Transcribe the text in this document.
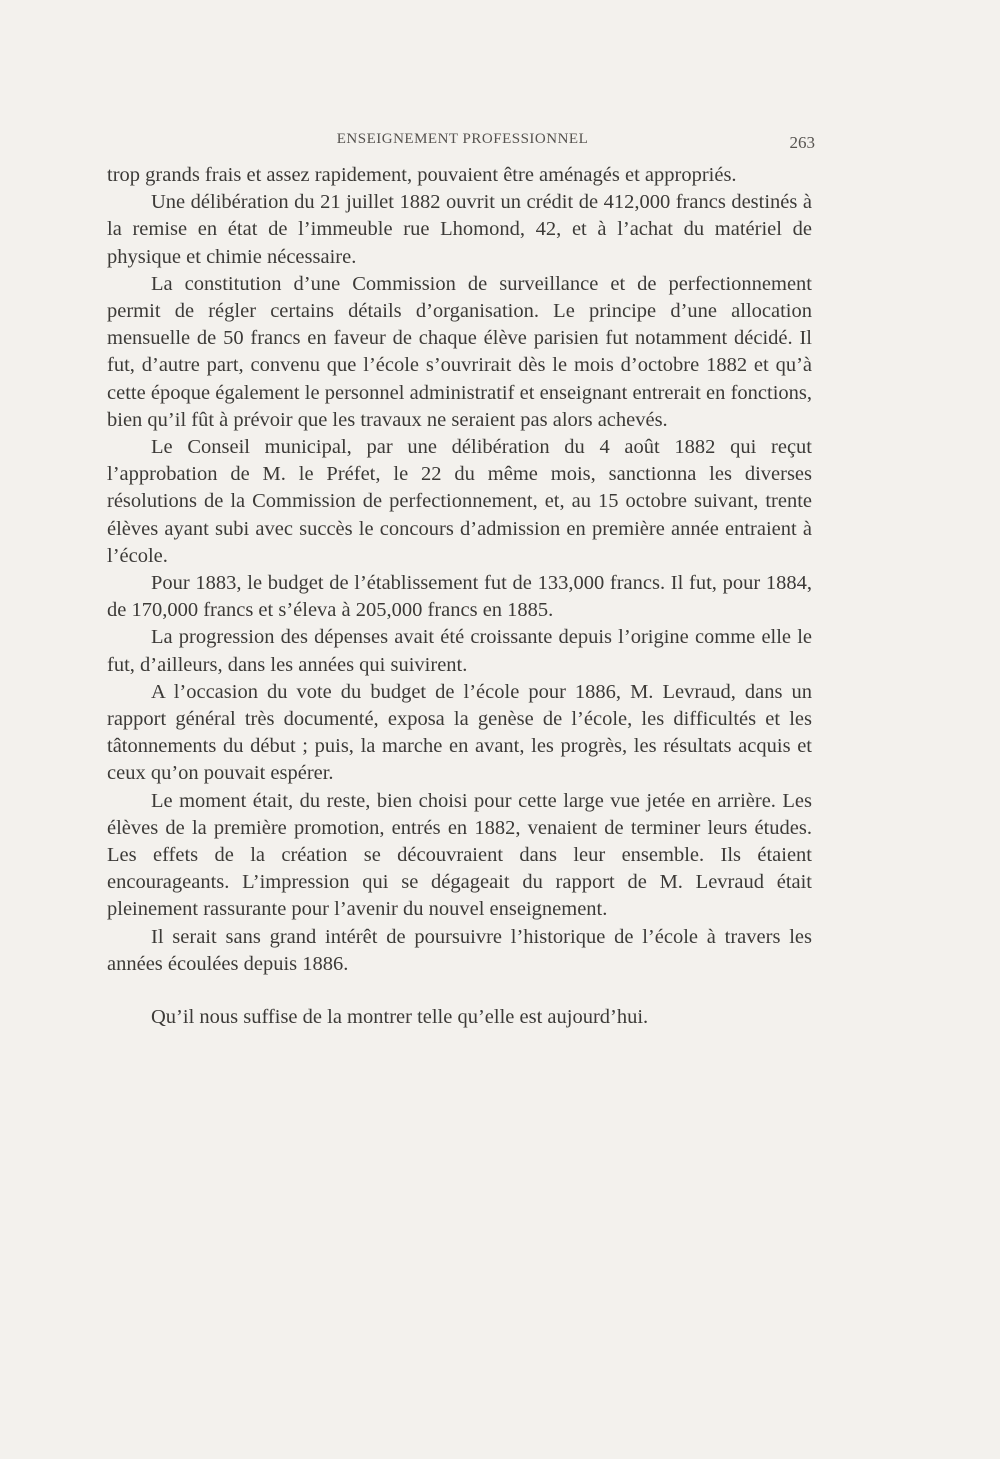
ENSEIGNEMENT PROFESSIONNEL	263

trop grands frais et assez rapidement, pouvaient être aménagés et appropriés.

Une délibération du 21 juillet 1882 ouvrit un crédit de 412,000 francs destinés à la remise en état de l’immeuble rue Lhomond, 42, et à l’achat du matériel de physique et chimie nécessaire.

La constitution d’une Commission de surveillance et de perfectionnement permit de régler certains détails d’organisation. Le principe d’une allocation mensuelle de 50 francs en faveur de chaque élève parisien fut notamment décidé. Il fut, d’autre part, convenu que l’école s’ouvrirait dès le mois d’octobre 1882 et qu’à cette époque également le personnel administratif et enseignant entrerait en fonctions, bien qu’il fût à prévoir que les travaux ne seraient pas alors achevés.

Le Conseil municipal, par une délibération du 4 août 1882 qui reçut l’approbation de M. le Préfet, le 22 du même mois, sanctionna les diverses résolutions de la Commission de perfectionnement, et, au 15 octobre suivant, trente élèves ayant subi avec succès le concours d’admission en première année entraient à l’école.

Pour 1883, le budget de l’établissement fut de 133,000 francs. Il fut, pour 1884, de 170,000 francs et s’éleva à 205,000 francs en 1885.

La progression des dépenses avait été croissante depuis l’origine comme elle le fut, d’ailleurs, dans les années qui suivirent.

A l’occasion du vote du budget de l’école pour 1886, M. Levraud, dans un rapport général très documenté, exposa la genèse de l’école, les difficultés et les tâtonnements du début ; puis, la marche en avant, les progrès, les résultats acquis et ceux qu’on pouvait espérer.

Le moment était, du reste, bien choisi pour cette large vue jetée en arrière. Les élèves de la première promotion, entrés en 1882, venaient de terminer leurs études. Les effets de la création se découvraient dans leur ensemble. Ils étaient encourageants. L’impression qui se dégageait du rapport de M. Levraud était pleinement rassurante pour l’avenir du nouvel enseignement.

Il serait sans grand intérêt de poursuivre l’historique de l’école à travers les années écoulées depuis 1886.

Qu’il nous suffise de la montrer telle qu’elle est aujourd’hui.
